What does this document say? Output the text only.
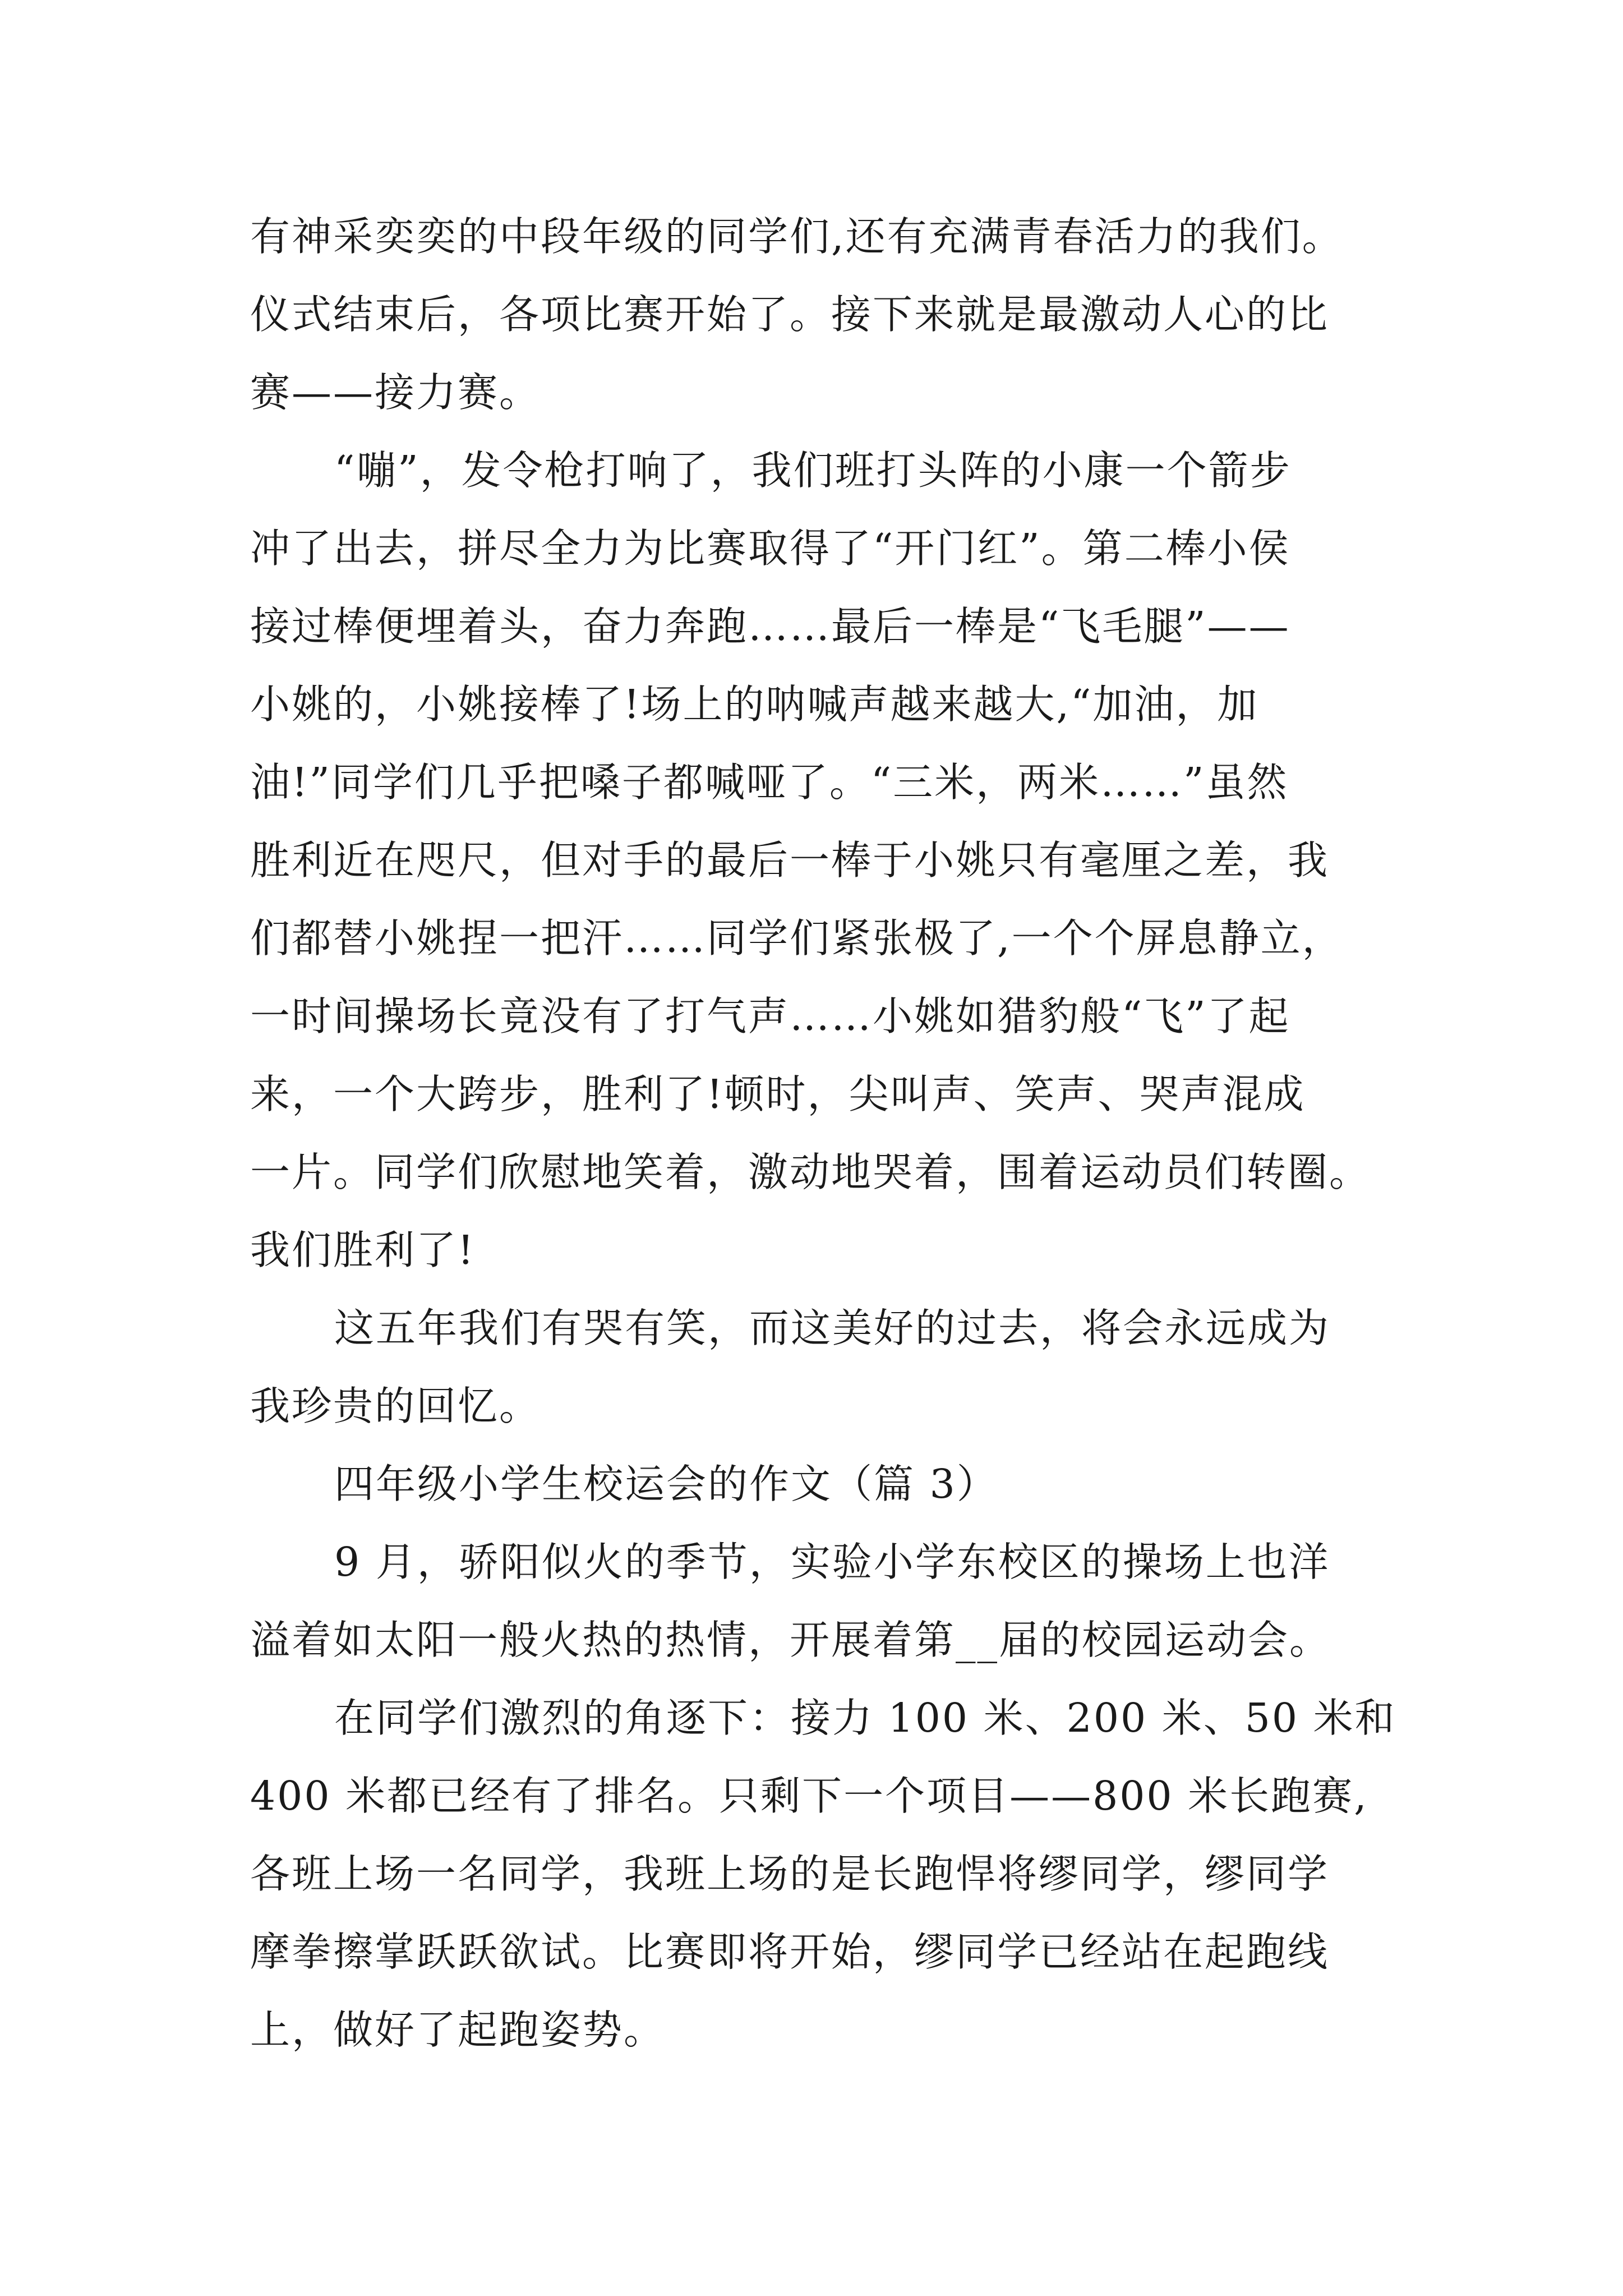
有神采奕奕的中段年级的同学们,还有充满青春活力的我们。

仪式结束后，各项比赛开始了。接下来就是最激动人心的比

赛——接力赛。

“嘣”，发令枪打响了，我们班打头阵的小康一个箭步

冲了出去，拼尽全力为比赛取得了“开门红”。第二棒小侯

接过棒便埋着头，奋力奔跑……最后一棒是“飞毛腿”——

小姚的，小姚接棒了!场上的呐喊声越来越大,“加油，加

油!”同学们几乎把嗓子都喊哑了。“三米，两米……”虽然

胜利近在咫尺，但对手的最后一棒于小姚只有毫厘之差，我

们都替小姚捏一把汗……同学们紧张极了,一个个屏息静立，

一时间操场长竟没有了打气声……小姚如猎豹般“飞”了起

来，一个大跨步，胜利了!顿时，尖叫声、笑声、哭声混成

一片。同学们欣慰地笑着，激动地哭着，围着运动员们转圈。

我们胜利了!

这五年我们有哭有笑，而这美好的过去，将会永远成为

我珍贵的回忆。

四年级小学生校运会的作文（篇 3）

9 月，骄阳似火的季节，实验小学东校区的操场上也洋

溢着如太阳一般火热的热情，开展着第__届的校园运动会。

在同学们激烈的角逐下：接力 100 米、200 米、50 米和

400 米都已经有了排名。只剩下一个项目——800 米长跑赛,

各班上场一名同学，我班上场的是长跑悍将缪同学，缪同学

摩拳擦掌跃跃欲试。比赛即将开始，缪同学已经站在起跑线

上，做好了起跑姿势。
